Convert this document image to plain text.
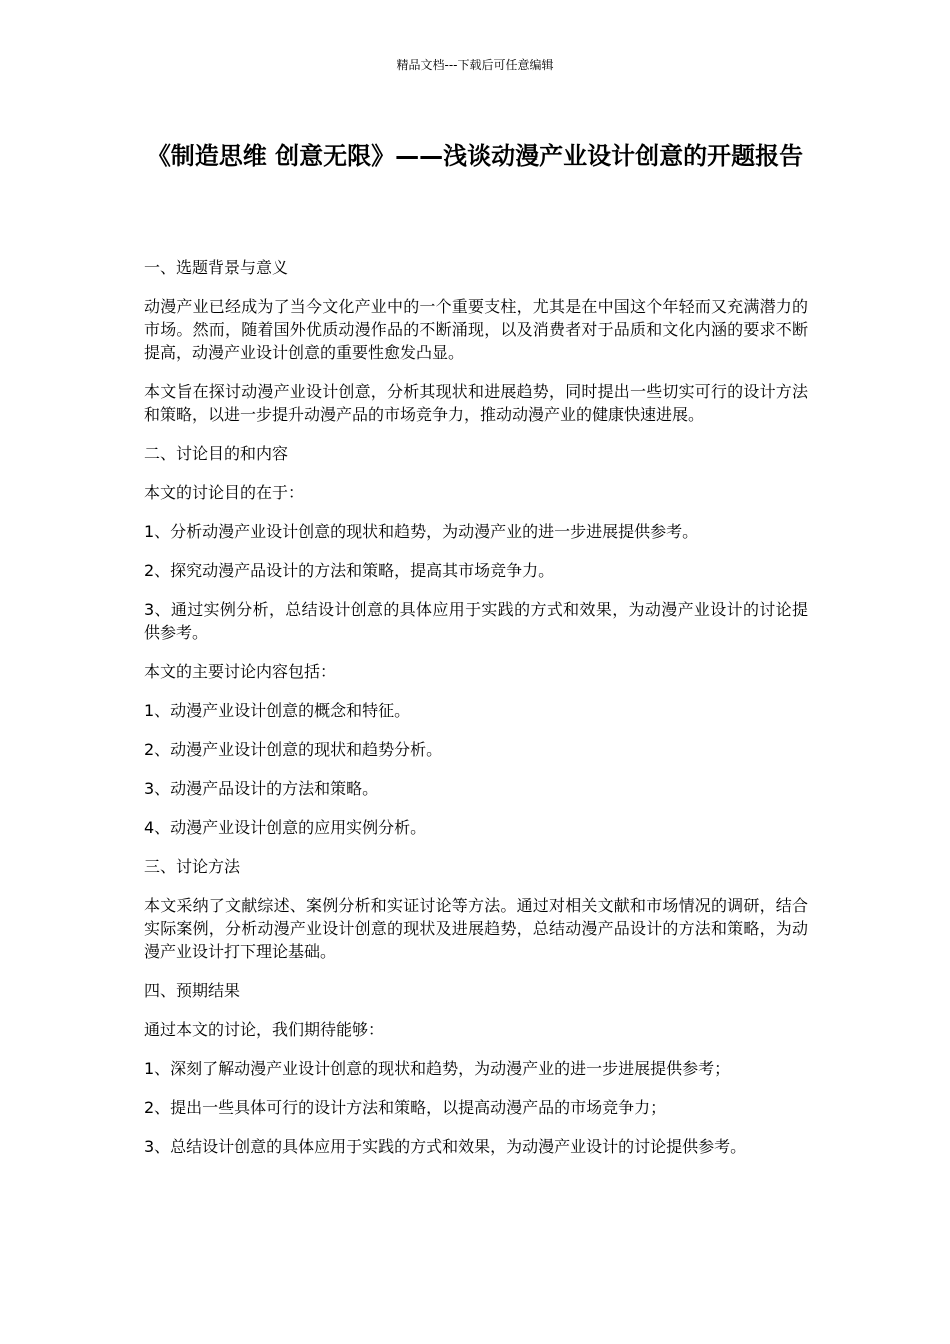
精品文档---下载后可任意编辑
《制造思维 创意无限》——浅谈动漫产业设计创意的开题报告

一、选题背景与意义

动漫产业已经成为了当今文化产业中的一个重要支柱，尤其是在中国这个年轻而又充满潜力的市场。然而，随着国外优质动漫作品的不断涌现，以及消费者对于品质和文化内涵的要求不断提高，动漫产业设计创意的重要性愈发凸显。

本文旨在探讨动漫产业设计创意，分析其现状和进展趋势，同时提出一些切实可行的设计方法和策略，以进一步提升动漫产品的市场竞争力，推动动漫产业的健康快速进展。

二、讨论目的和内容

本文的讨论目的在于：

1、分析动漫产业设计创意的现状和趋势，为动漫产业的进一步进展提供参考。

2、探究动漫产品设计的方法和策略，提高其市场竞争力。

3、通过实例分析，总结设计创意的具体应用于实践的方式和效果，为动漫产业设计的讨论提供参考。

本文的主要讨论内容包括：

1、动漫产业设计创意的概念和特征。

2、动漫产业设计创意的现状和趋势分析。

3、动漫产品设计的方法和策略。

4、动漫产业设计创意的应用实例分析。

三、讨论方法

本文采纳了文献综述、案例分析和实证讨论等方法。通过对相关文献和市场情况的调研，结合实际案例，分析动漫产业设计创意的现状及进展趋势，总结动漫产品设计的方法和策略，为动漫产业设计打下理论基础。

四、预期结果

通过本文的讨论，我们期待能够：

1、深刻了解动漫产业设计创意的现状和趋势，为动漫产业的进一步进展提供参考；

2、提出一些具体可行的设计方法和策略，以提高动漫产品的市场竞争力；

3、总结设计创意的具体应用于实践的方式和效果，为动漫产业设计的讨论提供参考。
